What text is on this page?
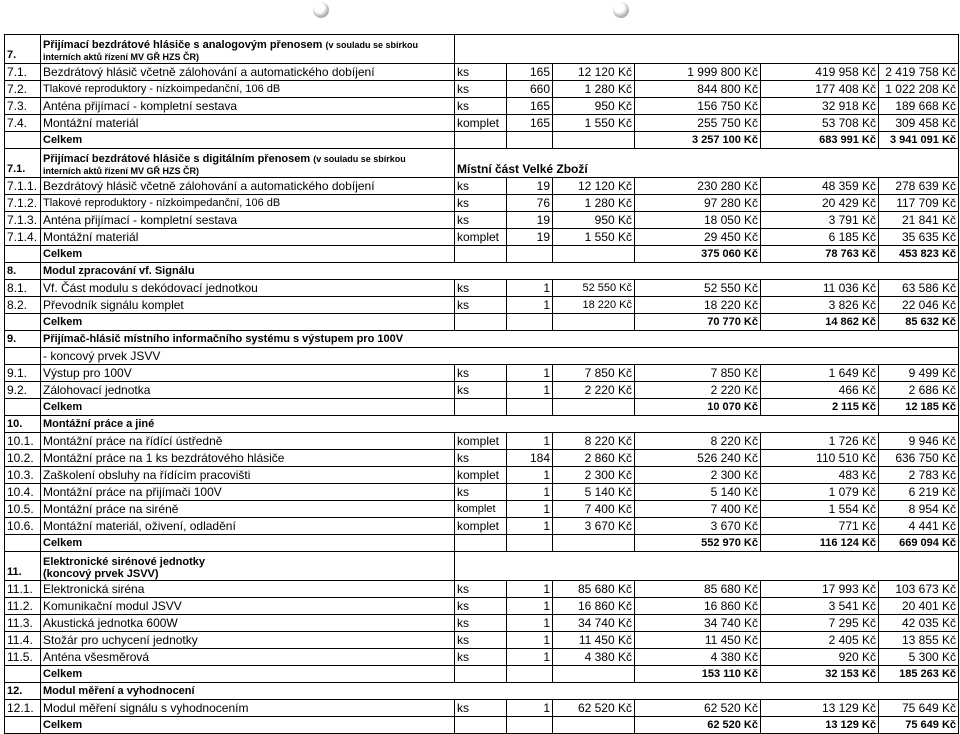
7.	Přijímací bezdrátové hlásiče s analogovým přenosem (v souladu se sbírkou
interních aktů řízení MV GŘ HZS ČR)						

7.1.	Bezdrátový hlásič včetně zálohování a automatického dobíjení	ks	165	12 120 Kč	1 999 800 Kč	419 958 Kč	2 419 758 Kč
7.2.	Tlakové reproduktory - nízkoimpedanční, 106 dB	ks	660	1 280 Kč	844 800 Kč	177 408 Kč	1 022 208 Kč
7.3.	Anténa přijímací - kompletní sestava	ks	165	950 Kč	156 750 Kč	32 918 Kč	189 668 Kč
7.4.	Montážní materiál	komplet	165	1 550 Kč	255 750 Kč	53 708 Kč	309 458 Kč
	Celkem				3 257 100 Kč	683 991 Kč	3 941 091 Kč
7.1.	Přijímací bezdrátové hlásiče s digitálním přenosem (v souladu se sbírkou
interních aktů řízení MV GŘ HZS ČR)	Místní část Velké Zboží					
7.1.1.	Bezdrátový hlásič včetně zálohování a automatického dobíjení	ks	19	12 120 Kč	230 280 Kč	48 359 Kč	278 639 Kč
7.1.2.	Tlakové reproduktory - nízkoimpedanční, 106 dB	ks	76	1 280 Kč	97 280 Kč	20 429 Kč	117 709 Kč
7.1.3.	Anténa přijímací - kompletní sestava	ks	19	950 Kč	18 050 Kč	3 791 Kč	21 841 Kč
7.1.4.	Montážní materiál	komplet	19	1 550 Kč	29 450 Kč	6 185 Kč	35 635 Kč
	Celkem				375 060 Kč	78 763 Kč	453 823 Kč
8.	Modul zpracování vf. Signálu						
8.1.	Vf. Část modulu s dekódovací jednotkou	ks	1	52 550 Kč	52 550 Kč	11 036 Kč	63 586 Kč
8.2.	Převodník signálu komplet	ks	1	18 220 Kč	18 220 Kč	3 826 Kč	22 046 Kč
	Celkem				70 770 Kč	14 862 Kč	85 632 Kč
9.	Přijímač-hlásič místního informačního systému s výstupem pro 100V						
	- koncový prvek JSVV						
9.1.	Výstup pro 100V	ks	1	7 850 Kč	7 850 Kč	1 649 Kč	9 499 Kč
9.2.	Zálohovací jednotka	ks	1	2 220 Kč	2 220 Kč	466 Kč	2 686 Kč
	Celkem				10 070 Kč	2 115 Kč	12 185 Kč
10.	Montážní práce a jiné						
10.1.	Montážní práce na řídící ústředně	komplet	1	8 220 Kč	8 220 Kč	1 726 Kč	9 946 Kč
10.2.	Montážní práce na 1 ks bezdrátového hlásiče	ks	184	2 860 Kč	526 240 Kč	110 510 Kč	636 750 Kč
10.3.	Zaškolení obsluhy na řídícím pracovišti	komplet	1	2 300 Kč	2 300 Kč	483 Kč	2 783 Kč
10.4.	Montážní práce na přijímači 100V	ks	1	5 140 Kč	5 140 Kč	1 079 Kč	6 219 Kč
10.5.	Montážní práce na siréně	komplet	1	7 400 Kč	7 400 Kč	1 554 Kč	8 954 Kč
10.6.	Montážní materiál, oživení, odladění	komplet	1	3 670 Kč	3 670 Kč	771 Kč	4 441 Kč
	Celkem				552 970 Kč	116 124 Kč	669 094 Kč
11.	Elektronické sirénové jednotky
(koncový prvek JSVV)						

11.1.	Elektronická siréna	ks	1	85 680 Kč	85 680 Kč	17 993 Kč	103 673 Kč
11.2.	Komunikační modul JSVV	ks	1	16 860 Kč	16 860 Kč	3 541 Kč	20 401 Kč
11.3.	Akustická jednotka 600W	ks	1	34 740 Kč	34 740 Kč	7 295 Kč	42 035 Kč
11.4.	Stožár pro uchycení jednotky	ks	1	11 450 Kč	11 450 Kč	2 405 Kč	13 855 Kč
11.5.	Anténa všesměrová	ks	1	4 380 Kč	4 380 Kč	920 Kč	5 300 Kč
	Celkem				153 110 Kč	32 153 Kč	185 263 Kč
12.	Modul měření a vyhodnocení						
12.1.	Modul měření signálu s vyhodnocením	ks	1	62 520 Kč	62 520 Kč	13 129 Kč	75 649 Kč
	Celkem				62 520 Kč	13 129 Kč	75 649 Kč
